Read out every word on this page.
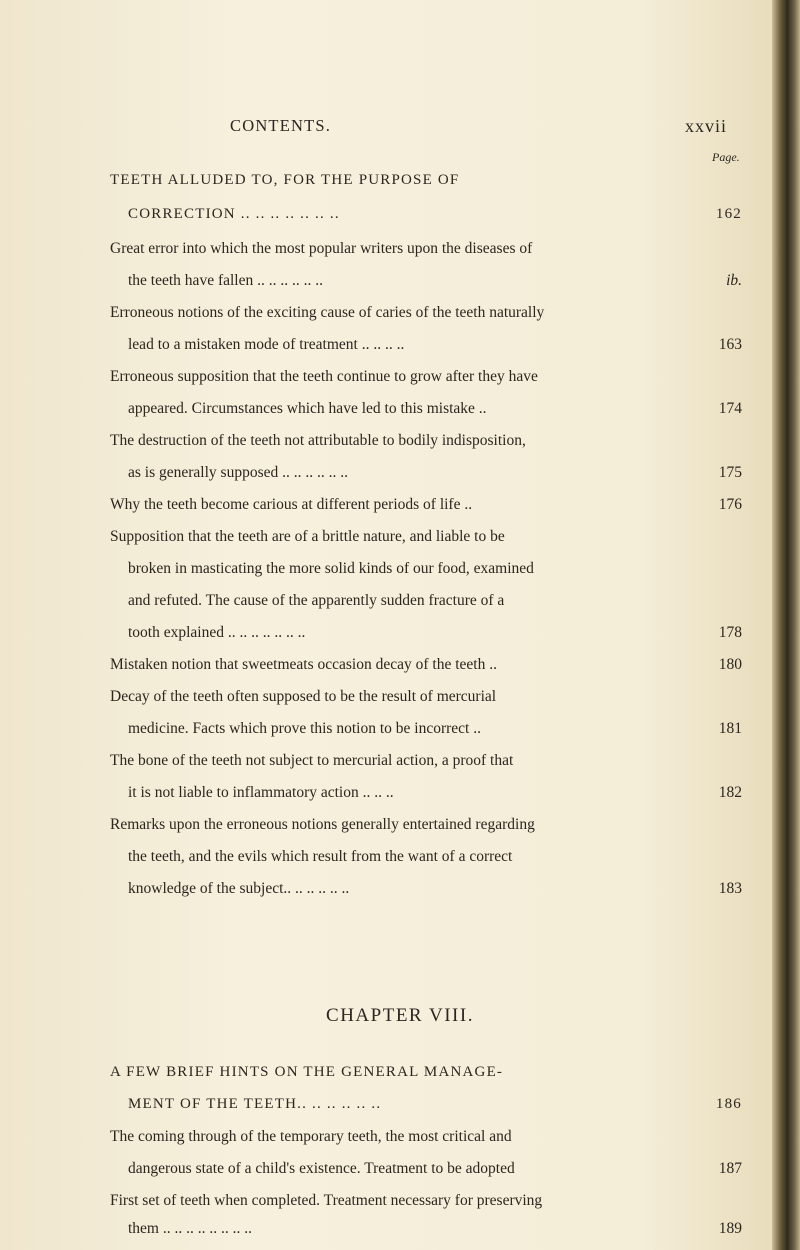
CONTENTS.	xxvii
Page.
TEETH ALLUDED TO, FOR THE PURPOSE OF
CORRECTION .. .. .. .. .. .. ..	162
Great error into which the most popular writers upon the diseases of
the teeth have fallen .. .. .. .. .. ..	ib.
Erroneous notions of the exciting cause of caries of the teeth naturally
lead to a mistaken mode of treatment .. .. .. ..	163
Erroneous supposition that the teeth continue to grow after they have
appeared. Circumstances which have led to this mistake ..	174
The destruction of the teeth not attributable to bodily indisposition,
as is generally supposed .. .. .. .. .. ..	175
Why the teeth become carious at different periods of life ..	176
Supposition that the teeth are of a brittle nature, and liable to be
broken in masticating the more solid kinds of our food, examined
and refuted. The cause of the apparently sudden fracture of a
tooth explained .. .. .. .. .. .. ..	178
Mistaken notion that sweetmeats occasion decay of the teeth ..	180
Decay of the teeth often supposed to be the result of mercurial
medicine. Facts which prove this notion to be incorrect ..	181
The bone of the teeth not subject to mercurial action, a proof that
it is not liable to inflammatory action .. .. ..	182
Remarks upon the erroneous notions generally entertained regarding
the teeth, and the evils which result from the want of a correct
knowledge of the subject.. .. .. .. .. ..	183
CHAPTER VIII.
A FEW BRIEF HINTS ON THE GENERAL MANAGE-
MENT OF THE TEETH.. .. .. .. .. ..	186
The coming through of the temporary teeth, the most critical and
dangerous state of a child's existence. Treatment to be adopted	187
First set of teeth when completed. Treatment necessary for preserving
them .. .. .. .. .. .. .. ..	189
